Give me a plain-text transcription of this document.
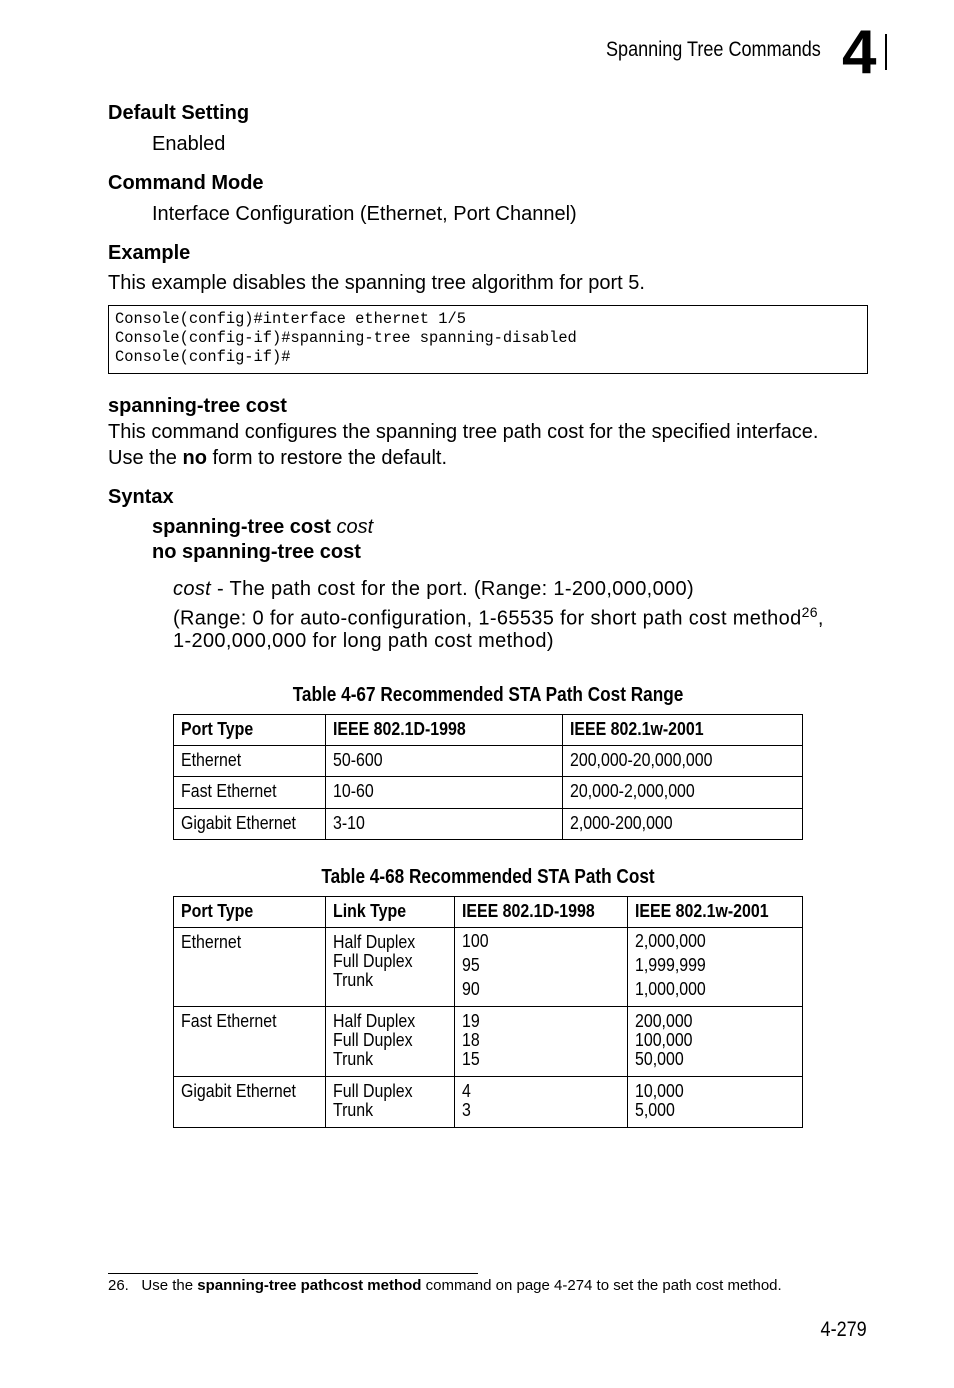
Spanning Tree Commands 4
Default Setting
Enabled
Command Mode
Interface Configuration (Ethernet, Port Channel)
Example
This example disables the spanning tree algorithm for port 5.
Console(config)#interface ethernet 1/5
Console(config-if)#spanning-tree spanning-disabled
Console(config-if)#
spanning-tree cost
This command configures the spanning tree path cost for the specified interface.
Use the no form to restore the default.
Syntax
spanning-tree cost cost
no spanning-tree cost
cost - The path cost for the port. (Range: 1-200,000,000)
(Range: 0 for auto-configuration, 1-65535 for short path cost method$^{26}$,
1-200,000,000 for long path cost method)
Table 4-67 Recommended STA Path Cost Range
Port Type	IEEE 802.1D-1998	IEEE 802.1w-2001
Ethernet	50-600	200,000-20,000,000
Fast Ethernet	10-60	20,000-2,000,000
Gigabit Ethernet	3-10	2,000-200,000
Table 4-68 Recommended STA Path Cost
Port Type	Link Type	IEEE 802.1D-1998	IEEE 802.1w-2001

Ethernet	Half Duplex
Full Duplex
Trunk	100
95
90	2,000,000
1,999,999
1,000,000

Fast Ethernet	Half Duplex
Full Duplex
Trunk	19
18
15	200,000
100,000
50,000

Gigabit Ethernet	Full Duplex
Trunk	4
3	10,000
5,000
26. Use the spanning-tree pathcost method command on page 4-274 to set the path cost method.
4-279
